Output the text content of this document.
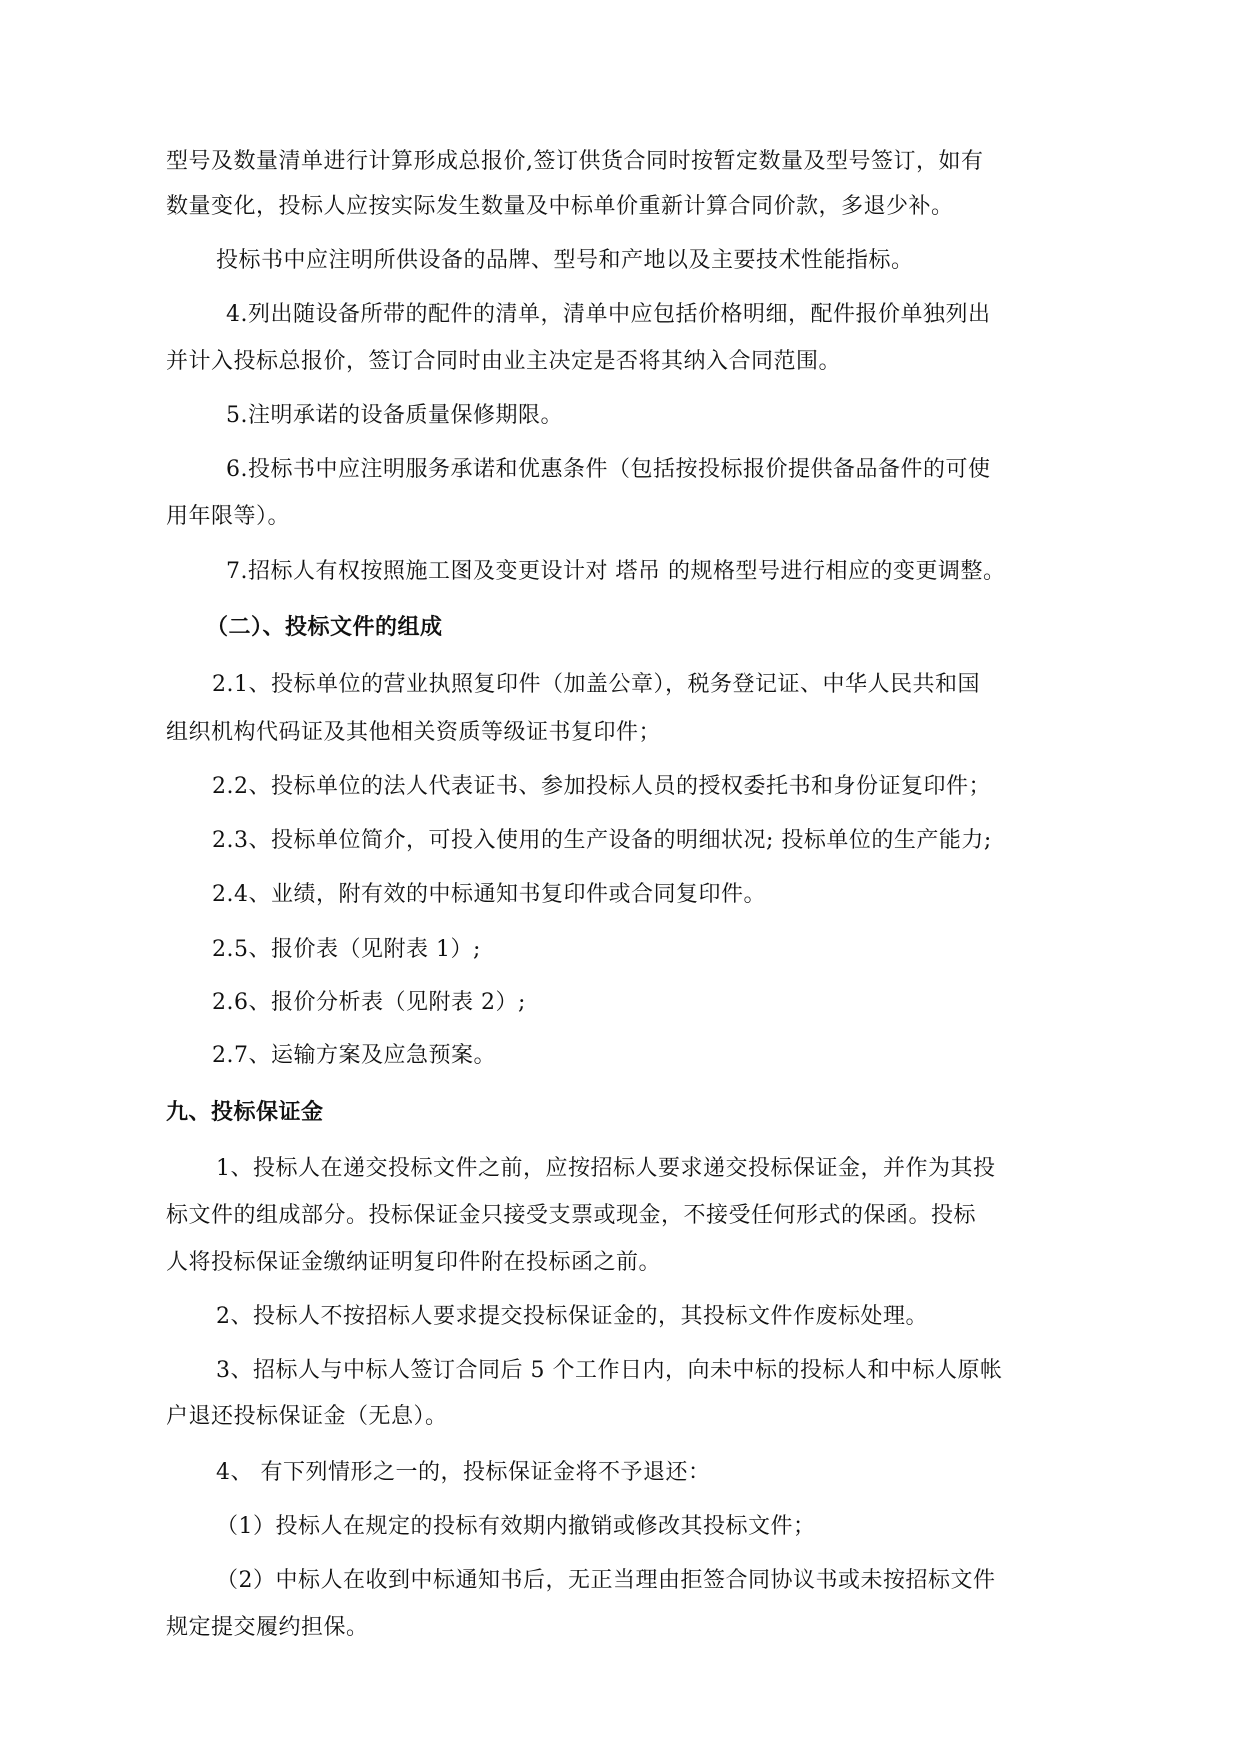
型号及数量清单进行计算形成总报价,签订供货合同时按暂定数量及型号签订，如有
数量变化，投标人应按实际发生数量及中标单价重新计算合同价款，多退少补。
投标书中应注明所供设备的品牌、型号和产地以及主要技术性能指标。
4.列出随设备所带的配件的清单，清单中应包括价格明细，配件报价单独列出
并计入投标总报价，签订合同时由业主决定是否将其纳入合同范围。
5.注明承诺的设备质量保修期限。
6.投标书中应注明服务承诺和优惠条件（包括按投标报价提供备品备件的可使
用年限等）。
7.招标人有权按照施工图及变更设计对 塔吊 的规格型号进行相应的变更调整。
（二）、投标文件的组成
2.1、投标单位的营业执照复印件（加盖公章），税务登记证、中华人民共和国
组织机构代码证及其他相关资质等级证书复印件；
2.2、投标单位的法人代表证书、参加投标人员的授权委托书和身份证复印件；
2.3、投标单位简介，可投入使用的生产设备的明细状况; 投标单位的生产能力;
2.4、业绩，附有效的中标通知书复印件或合同复印件。
2.5、报价表（见附表 1）;
2.6、报价分析表（见附表 2）;
2.7、运输方案及应急预案。
九、投标保证金
1、投标人在递交投标文件之前，应按招标人要求递交投标保证金，并作为其投
标文件的组成部分。投标保证金只接受支票或现金，不接受任何形式的保函。投标
人将投标保证金缴纳证明复印件附在投标函之前。
2、投标人不按招标人要求提交投标保证金的，其投标文件作废标处理。
3、招标人与中标人签订合同后 5 个工作日内，向未中标的投标人和中标人原帐
户退还投标保证金（无息）。
4、 有下列情形之一的，投标保证金将不予退还：
（1）投标人在规定的投标有效期内撤销或修改其投标文件；
（2）中标人在收到中标通知书后，无正当理由拒签合同协议书或未按招标文件
规定提交履约担保。
